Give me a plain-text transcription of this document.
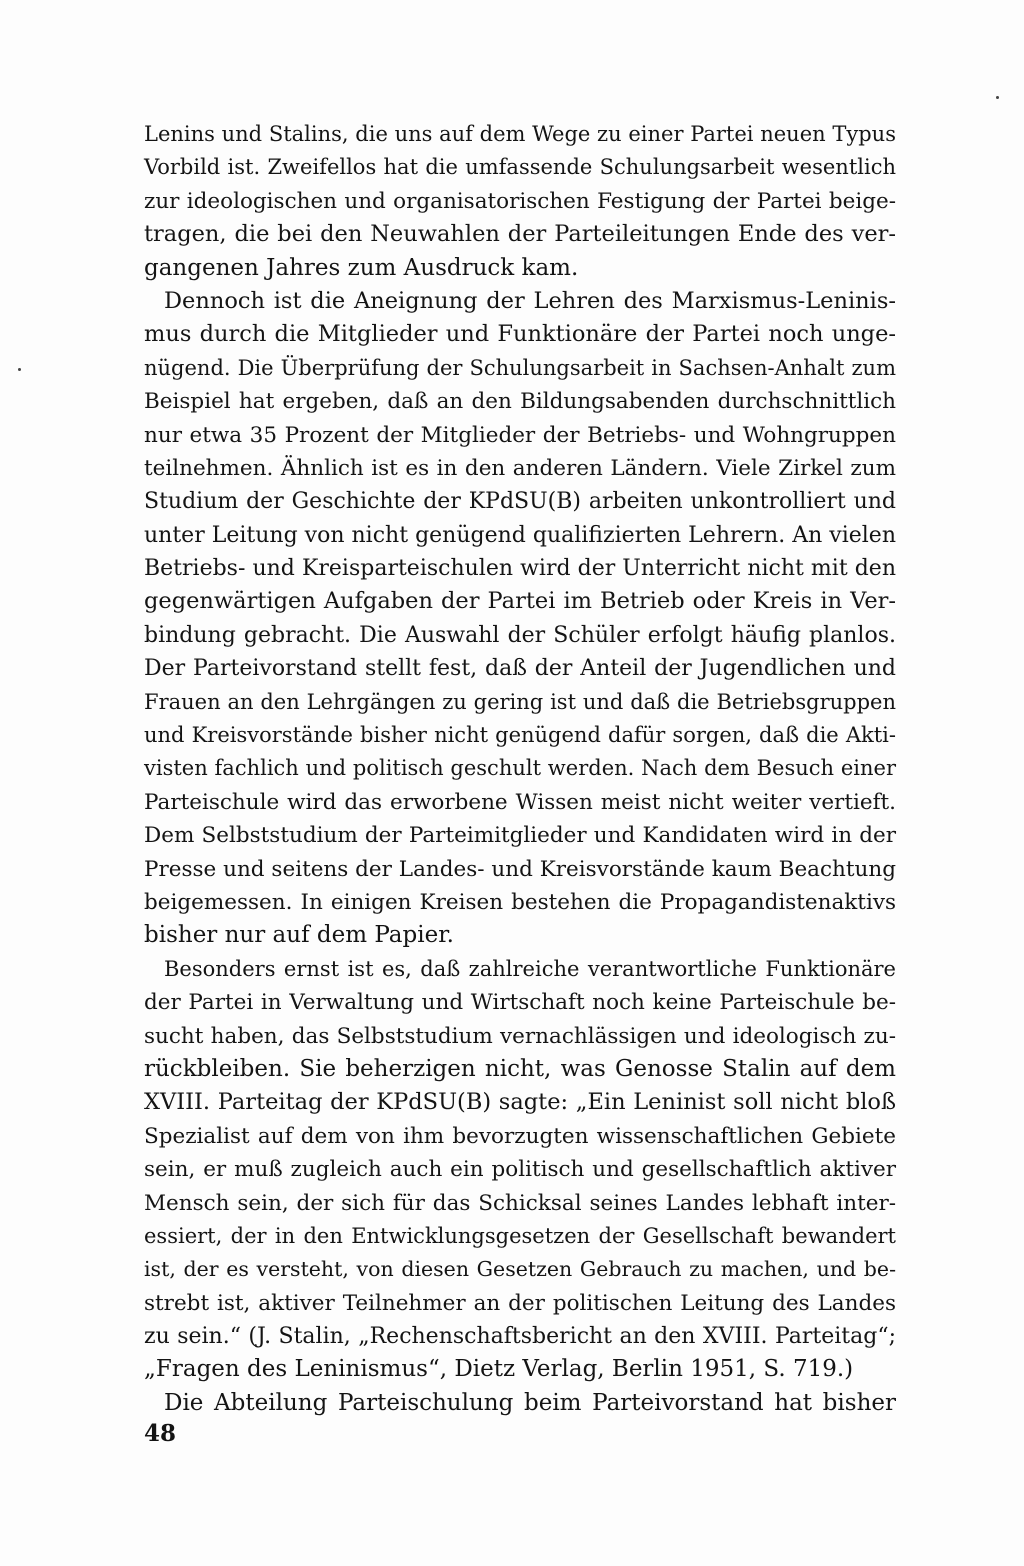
Lenins und Stalins, die uns auf dem Wege zu einer Partei neuen Typus
Vorbild ist. Zweifellos hat die umfassende Schulungsarbeit wesentlich
zur ideologischen und organisatorischen Festigung der Partei beige-
tragen, die bei den Neuwahlen der Parteileitungen Ende des ver-
gangenen Jahres zum Ausdruck kam.
Dennoch ist die Aneignung der Lehren des Marxismus-Leninis-
mus durch die Mitglieder und Funktionäre der Partei noch unge-
nügend. Die Überprüfung der Schulungsarbeit in Sachsen-Anhalt zum
Beispiel hat ergeben, daß an den Bildungsabenden durchschnittlich
nur etwa 35 Prozent der Mitglieder der Betriebs- und Wohngruppen
teilnehmen. Ähnlich ist es in den anderen Ländern. Viele Zirkel zum
Studium der Geschichte der KPdSU(B) arbeiten unkontrolliert und
unter Leitung von nicht genügend qualifizierten Lehrern. An vielen
Betriebs- und Kreisparteischulen wird der Unterricht nicht mit den
gegenwärtigen Aufgaben der Partei im Betrieb oder Kreis in Ver-
bindung gebracht. Die Auswahl der Schüler erfolgt häufig planlos.
Der Parteivorstand stellt fest, daß der Anteil der Jugendlichen und
Frauen an den Lehrgängen zu gering ist und daß die Betriebsgruppen
und Kreisvorstände bisher nicht genügend dafür sorgen, daß die Akti-
visten fachlich und politisch geschult werden. Nach dem Besuch einer
Parteischule wird das erworbene Wissen meist nicht weiter vertieft.
Dem Selbststudium der Parteimitglieder und Kandidaten wird in der
Presse und seitens der Landes- und Kreisvorstände kaum Beachtung
beigemessen. In einigen Kreisen bestehen die Propagandistenaktivs
bisher nur auf dem Papier.
Besonders ernst ist es, daß zahlreiche verantwortliche Funktionäre
der Partei in Verwaltung und Wirtschaft noch keine Parteischule be-
sucht haben, das Selbststudium vernachlässigen und ideologisch zu-
rückbleiben. Sie beherzigen nicht, was Genosse Stalin auf dem
XVIII. Parteitag der KPdSU(B) sagte: „Ein Leninist soll nicht bloß
Spezialist auf dem von ihm bevorzugten wissenschaftlichen Gebiete
sein, er muß zugleich auch ein politisch und gesellschaftlich aktiver
Mensch sein, der sich für das Schicksal seines Landes lebhaft inter-
essiert, der in den Entwicklungsgesetzen der Gesellschaft bewandert
ist, der es versteht, von diesen Gesetzen Gebrauch zu machen, und be-
strebt ist, aktiver Teilnehmer an der politischen Leitung des Landes
zu sein.“ (J. Stalin, „Rechenschaftsbericht an den XVIII. Parteitag“;
„Fragen des Leninismus“, Dietz Verlag, Berlin 1951, S. 719.)
Die Abteilung Parteischulung beim Parteivorstand hat bisher
48
